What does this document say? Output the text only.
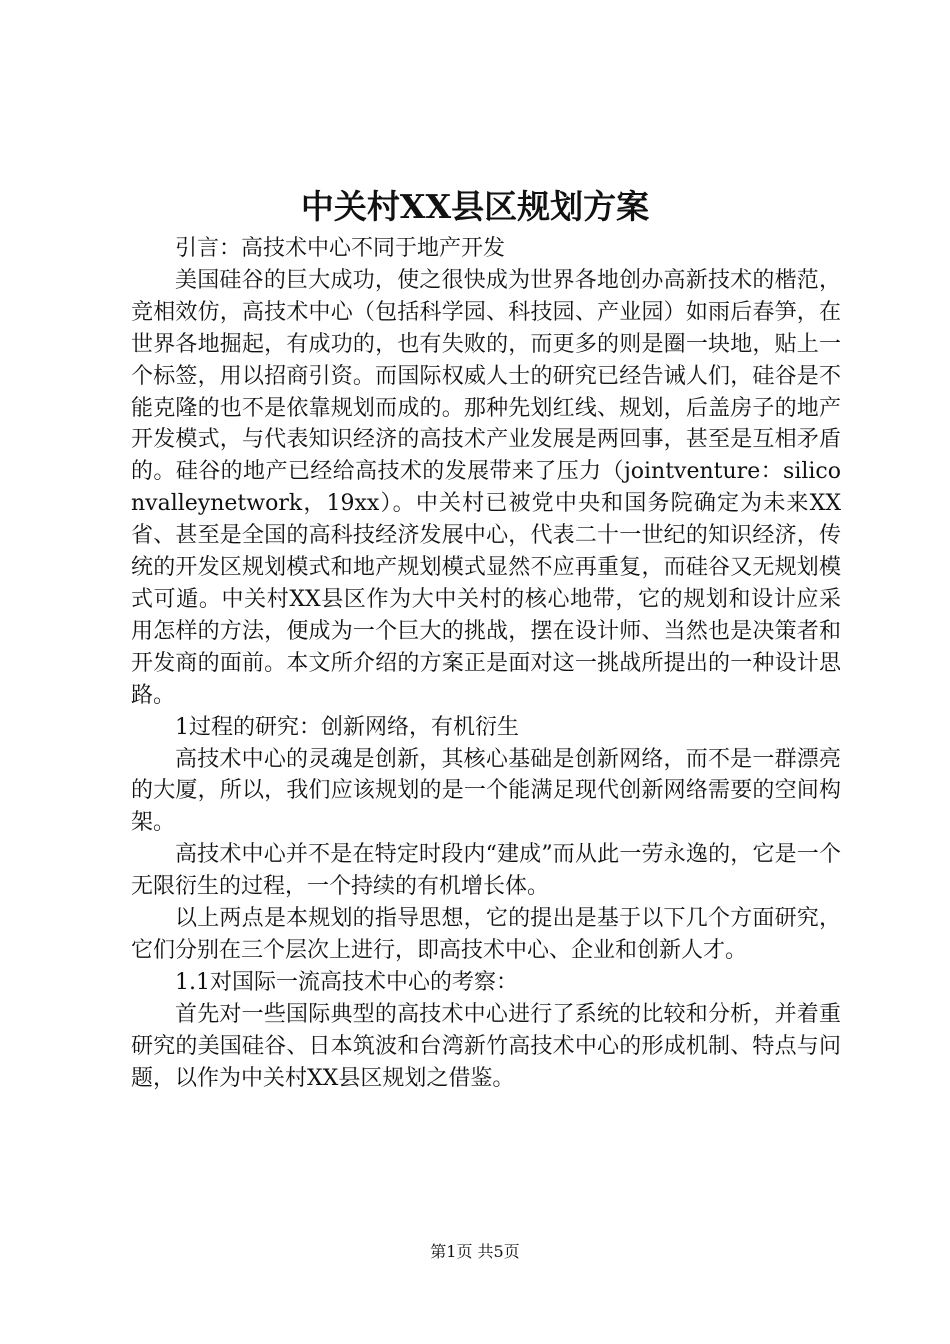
中关村XX县区规划方案

引言：高技术中心不同于地产开发

美国硅谷的巨大成功，使之很快成为世界各地创办高新技术的楷范，竞相效仿，高技术中心（包括科学园、科技园、产业园）如雨后春笋，在世界各地掘起，有成功的，也有失败的，而更多的则是圈一块地，贴上一个标签，用以招商引资。而国际权威人士的研究已经告诫人们，硅谷是不能克隆的也不是依靠规划而成的。那种先划红线、规划，后盖房子的地产开发模式，与代表知识经济的高技术产业发展是两回事，甚至是互相矛盾的。硅谷的地产已经给高技术的发展带来了压力（jointventure：siliconvalleynetwork，19xx）。中关村已被党中央和国务院确定为未来XX省、甚至是全国的高科技经济发展中心，代表二十一世纪的知识经济，传统的开发区规划模式和地产规划模式显然不应再重复，而硅谷又无规划模式可遁。中关村XX县区作为大中关村的核心地带，它的规划和设计应采用怎样的方法，便成为一个巨大的挑战，摆在设计师、当然也是决策者和开发商的面前。本文所介绍的方案正是面对这一挑战所提出的一种设计思路。

1过程的研究：创新网络，有机衍生

高技术中心的灵魂是创新，其核心基础是创新网络，而不是一群漂亮的大厦，所以，我们应该规划的是一个能满足现代创新网络需要的空间构架。

高技术中心并不是在特定时段内“建成”而从此一劳永逸的，它是一个无限衍生的过程，一个持续的有机增长体。

以上两点是本规划的指导思想，它的提出是基于以下几个方面研究，它们分别在三个层次上进行，即高技术中心、企业和创新人才。

1.1对国际一流高技术中心的考察：

首先对一些国际典型的高技术中心进行了系统的比较和分析，并着重研究的美国硅谷、日本筑波和台湾新竹高技术中心的形成机制、特点与问题，以作为中关村XX县区规划之借鉴。

第1页 共5页
